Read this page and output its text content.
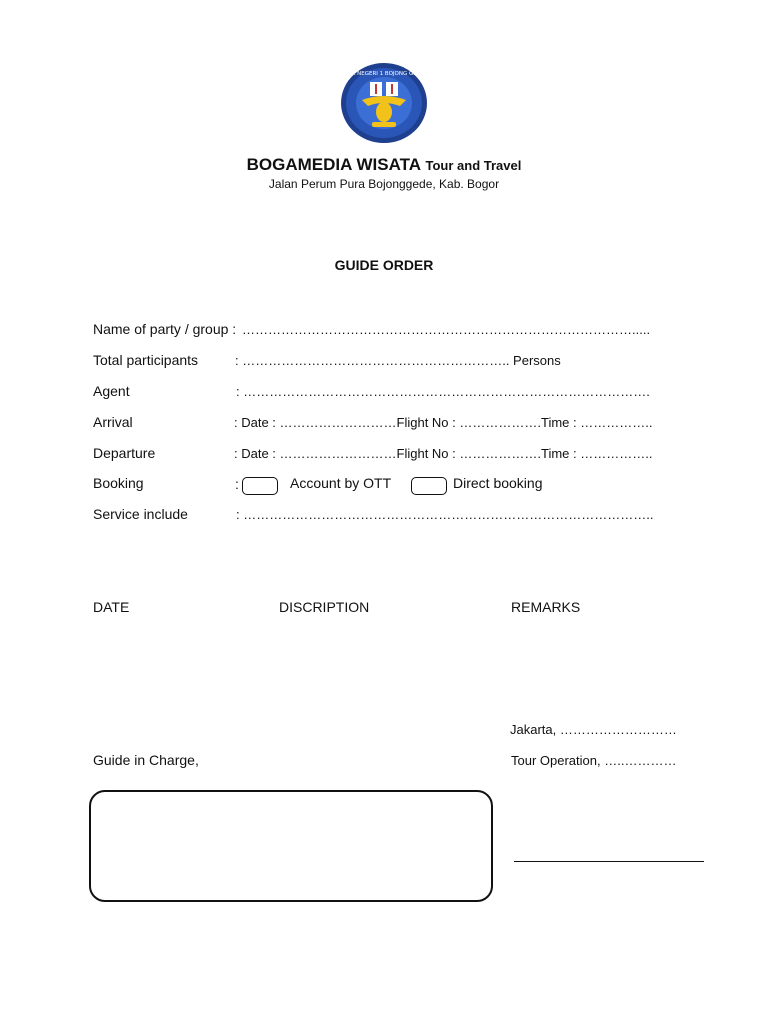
SMK NEGERI 1 BOJONG GEDE
BOGAMEDIA WISATA Tour and Travel
Jalan Perum Pura Bojonggede, Kab. Bogor
GUIDE ORDER
Name of party / group : ……………………………………………………………………………….....
Total participants	: …………………………………………………….. Persons
Agent	: ………………………………………………………………………………….
Arrival	: Date : ………………………Flight No : ……………….Time : ……………..
Departure	: Date : ………………………Flight No : ……………….Time : ……………..
Booking	:	Account by OTT	Direct booking
Service include	: …………………………………………………………………………………..
DATE	DISCRIPTION	REMARKS
Jakarta, ………………………
Guide in Charge,	Tour Operation, …..…………
